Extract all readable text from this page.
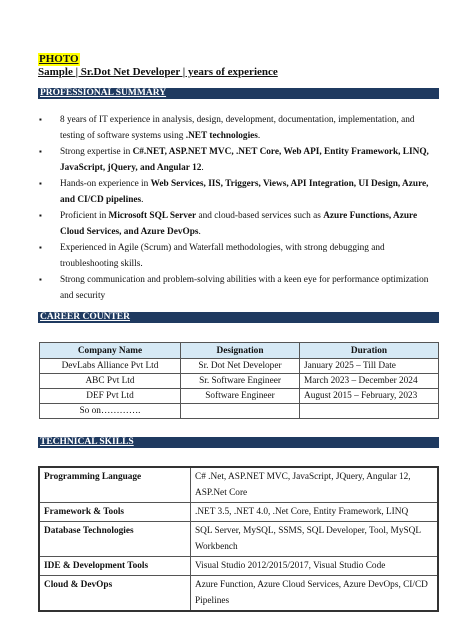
PHOTO
Sample | Sr.Dot Net Developer | years of experience
PROFESSIONAL SUMMARY
▪ 8 years of IT experience in analysis, design, development, documentation, implementation, and testing of software systems using .NET technologies.
▪ Strong expertise in C#.NET, ASP.NET MVC, .NET Core, Web API, Entity Framework, LINQ, JavaScript, jQuery, and Angular 12.
▪ Hands-on experience in Web Services, IIS, Triggers, Views, API Integration, UI Design, Azure, and CI/CD pipelines.
▪ Proficient in Microsoft SQL Server and cloud-based services such as Azure Functions, Azure Cloud Services, and Azure DevOps.
▪ Experienced in Agile (Scrum) and Waterfall methodologies, with strong debugging and troubleshooting skills.
▪ Strong communication and problem-solving abilities with a keen eye for performance optimization and security
CAREER COUNTER
Company Name	Designation	Duration
DevLabs Alliance Pvt Ltd	Sr. Dot Net Developer	January 2025 – Till Date
ABC Pvt Ltd	Sr. Software Engineer	March 2023 – December 2024
DEF Pvt Ltd	Software Engineer	August 2015 – February, 2023
So on………….		
TECHNICAL SKILLS
Programming Language	C# .Net, ASP.NET MVC, JavaScript, JQuery, Angular 12, ASP.Net Core
Framework & Tools	.NET 3.5, .NET 4.0, .Net Core, Entity Framework, LINQ
Database Technologies	SQL Server, MySQL, SSMS, SQL Developer, Tool, MySQL Workbench
IDE & Development Tools	Visual Studio 2012/2015/2017, Visual Studio Code
Cloud & DevOps	Azure Function, Azure Cloud Services, Azure DevOps, CI/CD Pipelines
